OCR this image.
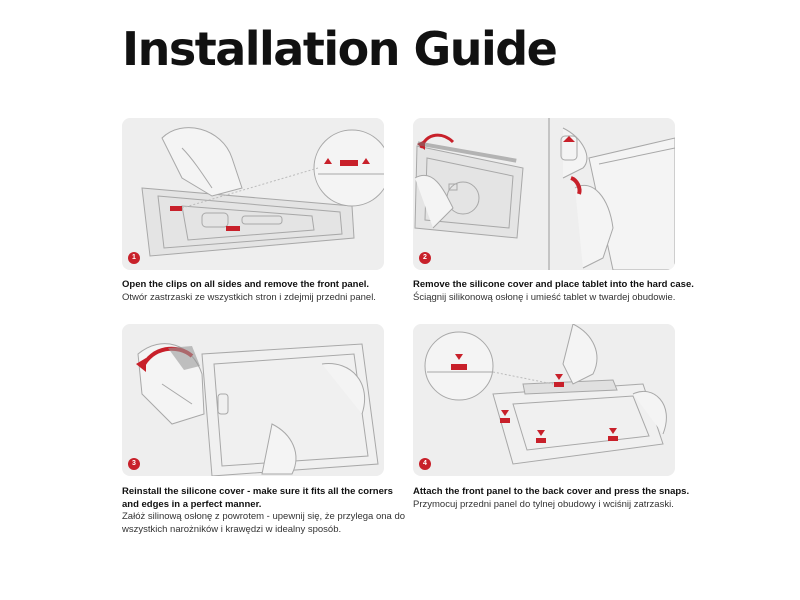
Installation Guide
1
Open the clips on all sides and remove the front panel.
Otwór zastrzaski ze wszystkich stron i zdejmij przedni panel.
2
Remove the silicone cover and place tablet into the hard case.
Ściągnij silikonową osłonę i umieść tablet w twardej obudowie.
3
Reinstall the silicone cover - make sure it fits all the corners and edges in a perfect manner.
Załóż silinową osłonę z powrotem - upewnij się, że przylega ona do wszystkich narożników i krawędzi w idealny sposób.
4
Attach the front panel to the back cover and press the snaps.
Przymocuj przedni panel do tylnej obudowy i wciśnij zatrzaski.
